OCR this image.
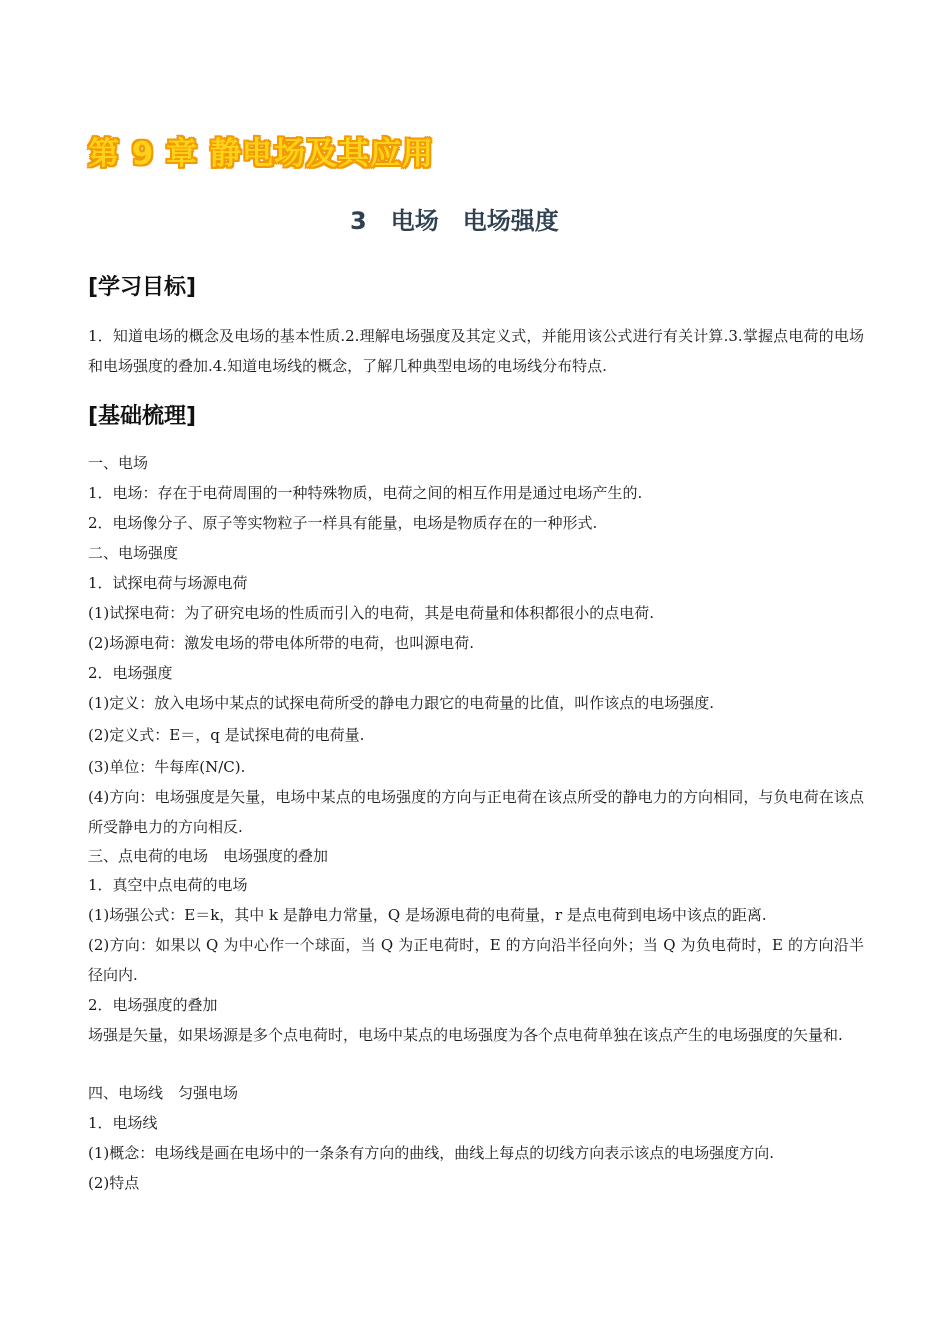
第 9 章 静电场及其应用
3　电场　电场强度
[学习目标]
1．知道电场的概念及电场的基本性质.2.理解电场强度及其定义式，并能用该公式进行有关计算.3.掌握点电荷的电场和电场强度的叠加.4.知道电场线的概念，了解几种典型电场的电场线分布特点.
[基础梳理]
一、电场
1．电场：存在于电荷周围的一种特殊物质，电荷之间的相互作用是通过电场产生的.
2．电场像分子、原子等实物粒子一样具有能量，电场是物质存在的一种形式.
二、电场强度
1．试探电荷与场源电荷
(1)试探电荷：为了研究电场的性质而引入的电荷，其是电荷量和体积都很小的点电荷.
(2)场源电荷：激发电场的带电体所带的电荷，也叫源电荷.
2．电场强度
(1)定义：放入电场中某点的试探电荷所受的静电力跟它的电荷量的比值，叫作该点的电场强度.
(2)定义式：E＝，q 是试探电荷的电荷量.
(3)单位：牛每库(N/C).
(4)方向：电场强度是矢量，电场中某点的电场强度的方向与正电荷在该点所受的静电力的方向相同，与负电荷在该点所受静电力的方向相反.
三、点电荷的电场　电场强度的叠加
1．真空中点电荷的电场
(1)场强公式：E＝k，其中 k 是静电力常量，Q 是场源电荷的电荷量，r 是点电荷到电场中该点的距离.
(2)方向：如果以 Q 为中心作一个球面，当 Q 为正电荷时，E 的方向沿半径向外；当 Q 为负电荷时，E 的方向沿半径向内.
2．电场强度的叠加
场强是矢量，如果场源是多个点电荷时，电场中某点的电场强度为各个点电荷单独在该点产生的电场强度的矢量和.
四、电场线　匀强电场
1．电场线
(1)概念：电场线是画在电场中的一条条有方向的曲线，曲线上每点的切线方向表示该点的电场强度方向.
(2)特点
